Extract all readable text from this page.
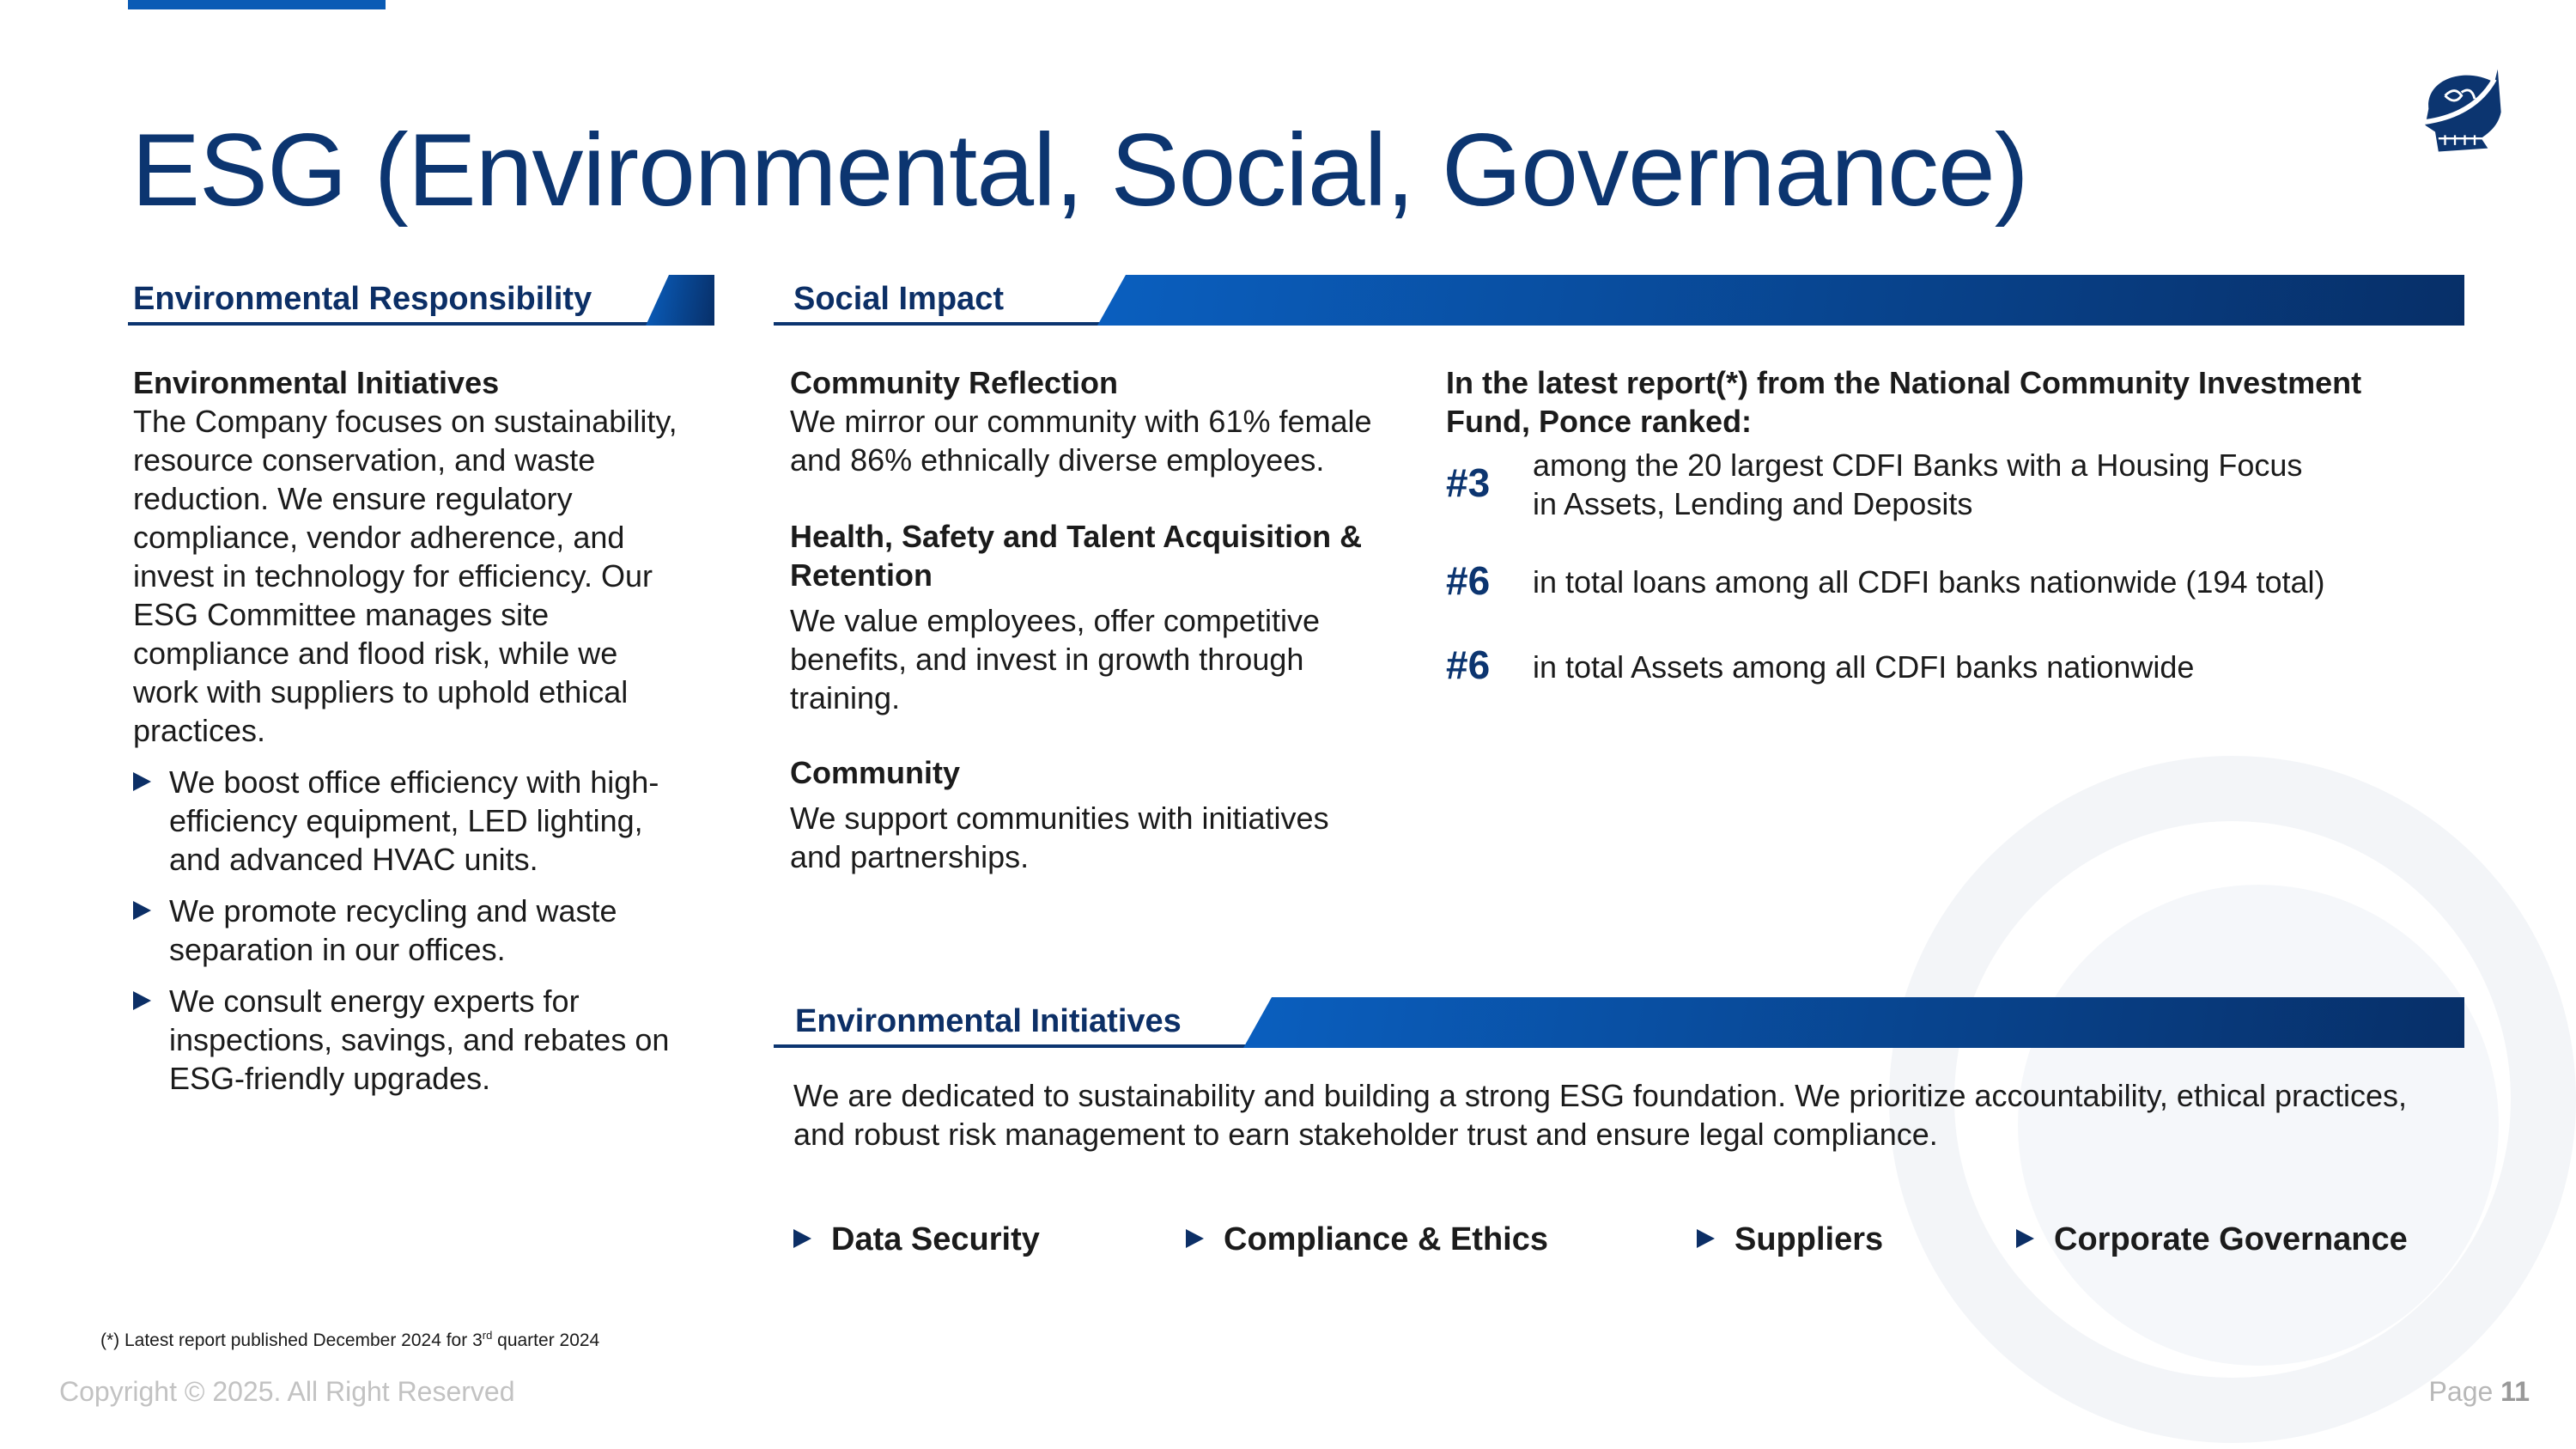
ESG (Environmental, Social, Governance)
Environmental Responsibility
Environmental Initiatives
The Company focuses on sustainability, resource conservation, and waste reduction. We ensure regulatory compliance, vendor adherence, and invest in technology for efficiency. Our ESG Committee manages site compliance and flood risk, while we work with suppliers to uphold ethical practices.
We boost office efficiency with high-efficiency equipment, LED lighting, and advanced HVAC units.
We promote recycling and waste separation in our offices.
We consult energy experts for inspections, savings, and rebates on ESG-friendly upgrades.
Social Impact
Community Reflection
We mirror our community with 61% female and 86% ethnically diverse employees.
Health, Safety and Talent Acquisition & Retention
We value employees, offer competitive benefits, and invest in growth through training.
Community
We support communities with initiatives and partnerships.
In the latest report(*) from the National Community Investment Fund, Ponce ranked:
#3 among the 20 largest CDFI Banks with a Housing Focus
in Assets, Lending and Deposits
#6 in total loans among all CDFI banks nationwide (194 total)
#6 in total Assets among all CDFI banks nationwide
Environmental Initiatives
We are dedicated to sustainability and building a strong ESG foundation. We prioritize accountability, ethical practices, and robust risk management to earn stakeholder trust and ensure legal compliance.
Data Security	Compliance & Ethics	Suppliers	Corporate Governance
(*) Latest report published December 2024 for 3rd quarter 2024
Copyright © 2025. All Right Reserved	Page 11
